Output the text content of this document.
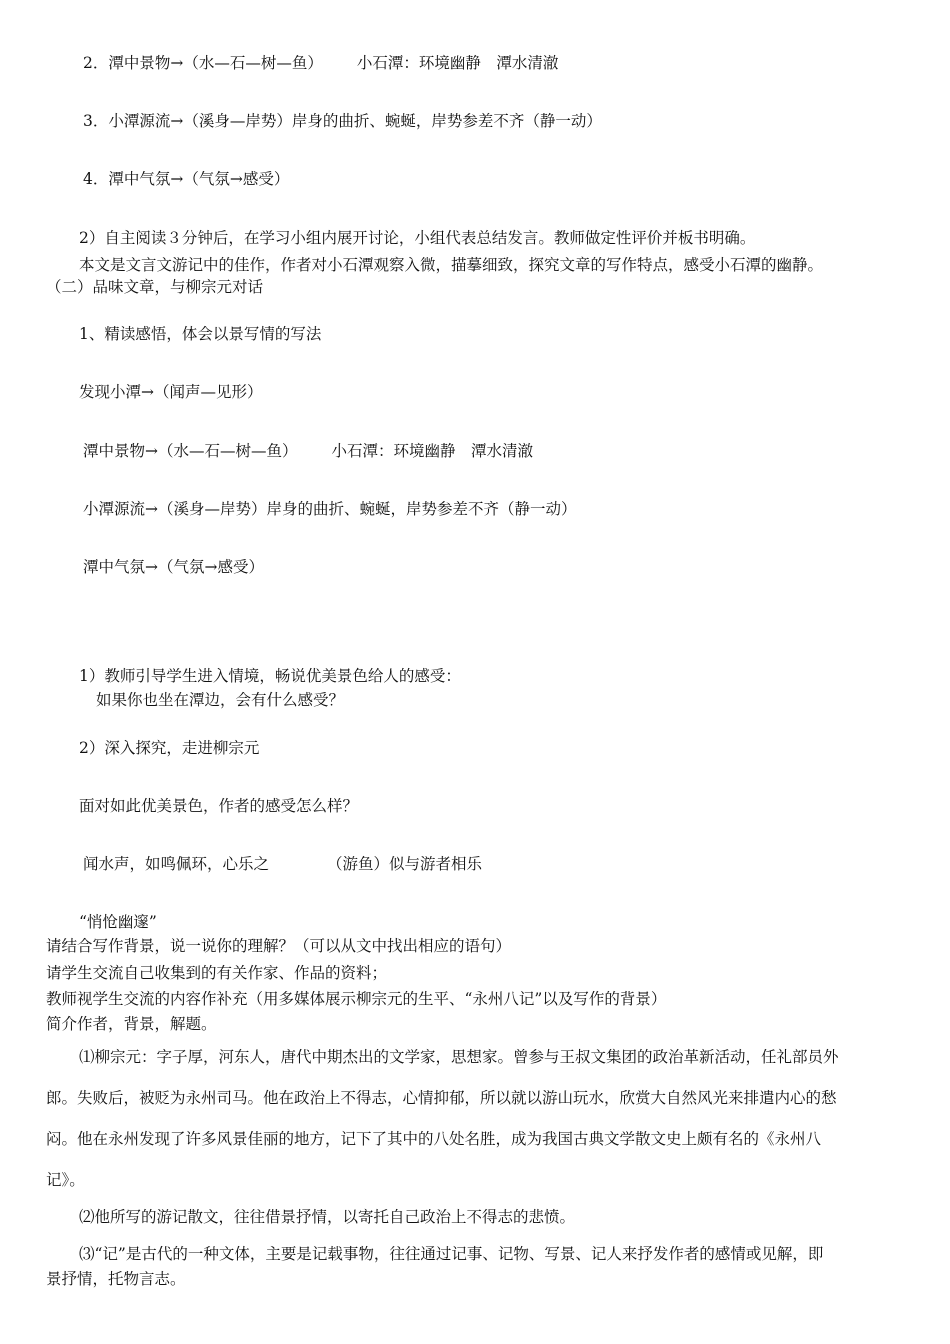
2．潭中景物→（水—石—树—鱼） 小石潭：环境幽静　潭水清澈
3．小潭源流→（溪身—岸势）岸身的曲折、蜿蜒，岸势参差不齐（静一动）
4．潭中气氛→（气氛→感受）
2）自主阅读３分钟后，在学习小组内展开讨论，小组代表总结发言。教师做定性评价并板书明确。
本文是文言文游记中的佳作，作者对小石潭观察入微，描摹细致，探究文章的写作特点，感受小石潭的幽静。
（二）品味文章，与柳宗元对话
1、精读感悟，体会以景写情的写法
发现小潭→（闻声—见形）
潭中景物→（水—石—树—鱼） 小石潭：环境幽静　潭水清澈
小潭源流→（溪身—岸势）岸身的曲折、蜿蜒，岸势参差不齐（静一动）
潭中气氛→（气氛→感受）
1）教师引导学生进入情境，畅说优美景色给人的感受：
如果你也坐在潭边，会有什么感受？
2）深入探究，走进柳宗元
面对如此优美景色，作者的感受怎么样？
闻水声，如鸣佩环，心乐之	（游鱼）似与游者相乐
“悄怆幽邃”
请结合写作背景，说一说你的理解？（可以从文中找出相应的语句）
请学生交流自己收集到的有关作家、作品的资料；
教师视学生交流的内容作补充（用多媒体展示柳宗元的生平、“永州八记”以及写作的背景）
简介作者，背景，解题。
⑴柳宗元：字子厚，河东人，唐代中期杰出的文学家，思想家。曾参与王叔文集团的政治革新活动，任礼部员外
郎。失败后，被贬为永州司马。他在政治上不得志，心情抑郁，所以就以游山玩水，欣赏大自然风光来排遣内心的愁
闷。他在永州发现了许多风景佳丽的地方，记下了其中的八处名胜，成为我国古典文学散文史上颇有名的《永州八
记》。
⑵他所写的游记散文，往往借景抒情，以寄托自己政治上不得志的悲愤。
⑶“记”是古代的一种文体，主要是记载事物，往往通过记事、记物、写景、记人来抒发作者的感情或见解，即
景抒情，托物言志。
